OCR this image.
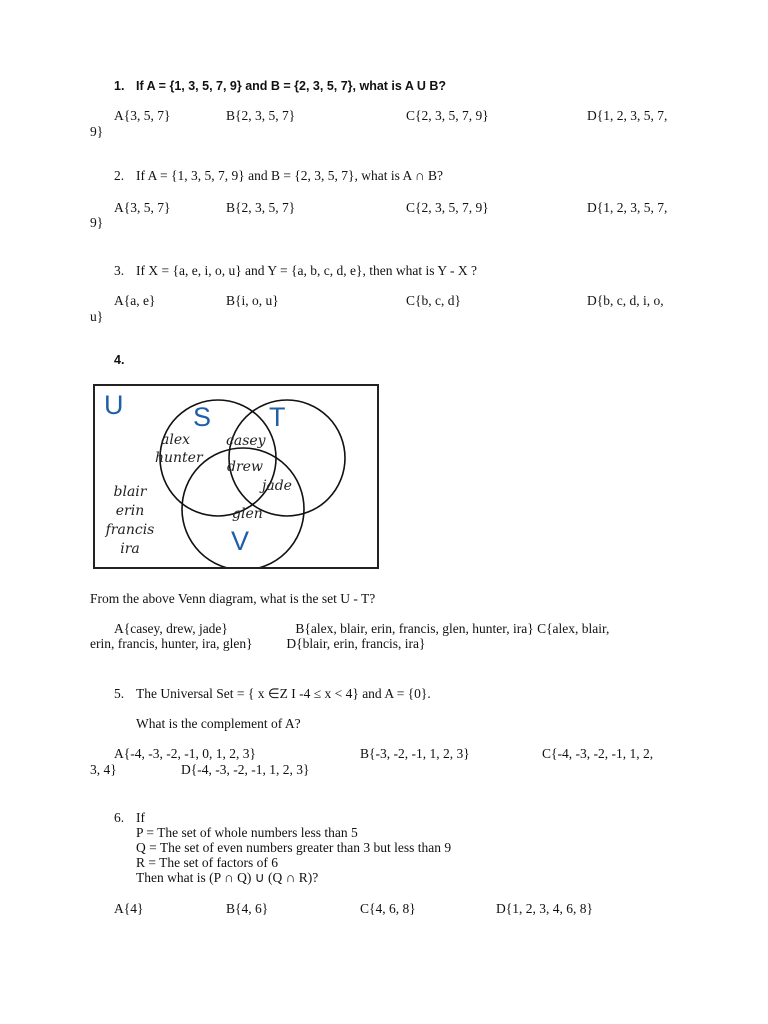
1. If A = {1, 3, 5, 7, 9} and B = {2, 3, 5, 7}, what is A U B?
A{3, 5, 7}	B{2, 3, 5, 7}	C{2, 3, 5, 7, 9}	D{1, 2, 3, 5, 7,
9}
2. If A = {1, 3, 5, 7, 9} and B = {2, 3, 5, 7}, what is A ∩ B?
A{3, 5, 7}	B{2, 3, 5, 7}	C{2, 3, 5, 7, 9}	D{1, 2, 3, 5, 7,
9}
3. If X = {a, e, i, o, u} and Y = {a, b, c, d, e}, then what is Y - X ?
A{a, e}	B{i, o, u}	C{b, c, d}	D{b, c, d, i, o,
u}
4.
U	S T
V
alex
hunter
casey
drew
jade
glen
blair
erin
francis
ira
From the above Venn diagram, what is the set U - T?
A{casey, drew, jade}                    B{alex, blair, erin, francis, glen, hunter, ira} C{alex, blair,
erin, francis, hunter, ira, glen}          D{blair, erin, francis, ira}
5. The Universal Set = { x ∈Z I -4 ≤ x < 4} and A = {0}.
What is the complement of A?
A{-4, -3, -2, -1, 0, 1, 2, 3}	B{-3, -2, -1, 1, 2, 3}	C{-4, -3, -2, -1, 1, 2,
3, 4}	D{-4, -3, -2, -1, 1, 2, 3}
6. If
P = The set of whole numbers less than 5
Q = The set of even numbers greater than 3 but less than 9
R = The set of factors of 6
Then what is (P ∩ Q) ∪ (Q ∩ R)?
A{4}	B{4, 6}	C{4, 6, 8}	D{1, 2, 3, 4, 6, 8}
